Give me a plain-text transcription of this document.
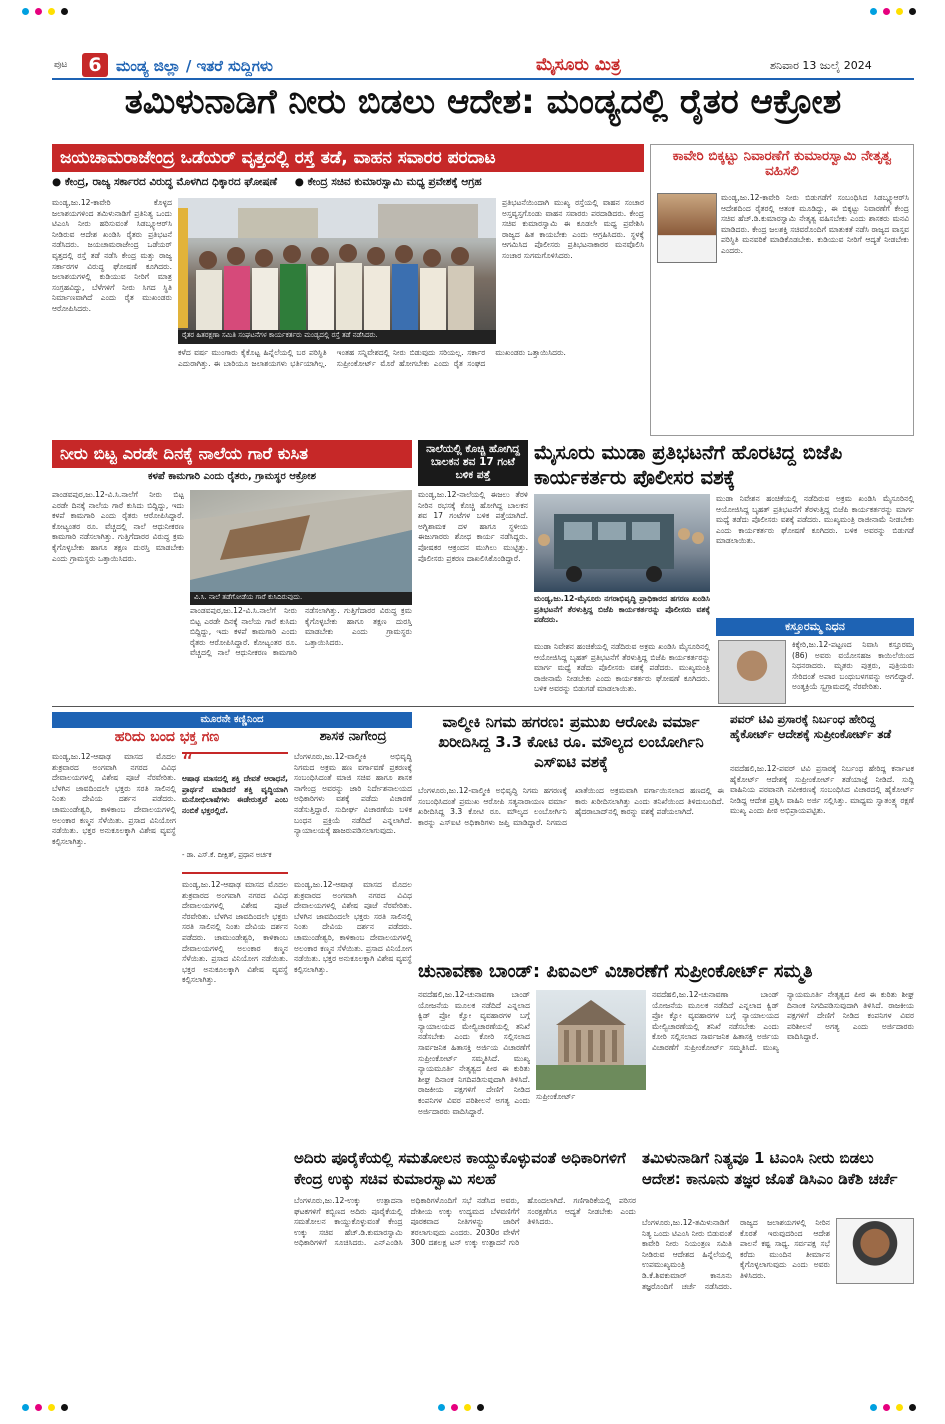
ಪುಟ	6 ಮಂಡ್ಯ ಜಿಲ್ಲಾ / ಇತರೆ ಸುದ್ದಿಗಳು	ಮೈಸೂರು ಮಿತ್ರ	ಶನಿವಾರ 13 ಜುಲೈ 2024
ತಮಿಳುನಾಡಿಗೆ ನೀರು ಬಿಡಲು ಆದೇಶ: ಮಂಡ್ಯದಲ್ಲಿ ರೈತರ ಆಕ್ರೋಶ
ಜಯಚಾಮರಾಜೇಂದ್ರ ಒಡೆಯರ್ ವೃತ್ತದಲ್ಲಿ ರಸ್ತೆ ತಡೆ, ವಾಹನ ಸವಾರರ ಪರದಾಟ
● ಕೇಂದ್ರ, ರಾಜ್ಯ ಸರ್ಕಾರದ ವಿರುದ್ಧ ಮೊಳಗಿದ ಧಿಕ್ಕಾರದ ಘೋಷಣೆ ● ಕೇಂದ್ರ ಸಚಿವ ಕುಮಾರಸ್ವಾಮಿ ಮಧ್ಯ ಪ್ರವೇಶಕ್ಕೆ ಆಗ್ರಹ
ಮಂಡ್ಯ,ಜು.12-ಕಾವೇರಿ ಕೊಳ್ಳದ ಜಲಾಶಯಗಳಿಂದ ತಮಿಳುನಾಡಿಗೆ ಪ್ರತಿನಿತ್ಯ ಒಂದು ಟಿಎಂಸಿ ನೀರು ಹರಿಸುವಂತೆ ಸಿಡಬ್ಲ್ಯೂಆರ್‌ಸಿ ನೀಡಿರುವ ಆದೇಶ ಖಂಡಿಸಿ ರೈತರು ಪ್ರತಿಭಟನೆ ನಡೆಸಿದರು. ಜಯಚಾಮರಾಜೇಂದ್ರ ಒಡೆಯರ್ ವೃತ್ತದಲ್ಲಿ ರಸ್ತೆ ತಡೆ ನಡೆಸಿ ಕೇಂದ್ರ ಮತ್ತು ರಾಜ್ಯ ಸರ್ಕಾರಗಳ ವಿರುದ್ಧ ಘೋಷಣೆ ಕೂಗಿದರು. ಜಲಾಶಯಗಳಲ್ಲಿ ಕುಡಿಯುವ ನೀರಿಗೆ ಮಾತ್ರ ಸಂಗ್ರಹವಿದ್ದು, ಬೆಳೆಗಳಿಗೆ ನೀರು ಸಿಗದ ಸ್ಥಿತಿ ನಿರ್ಮಾಣವಾಗಿದೆ ಎಂದು ರೈತ ಮುಖಂಡರು ಆರೋಪಿಸಿದರು.
ರೈತರ ಹಿತರಕ್ಷಣಾ ಸಮಿತಿ ಸಂಘಟನೆಗಳ ಕಾರ್ಯಕರ್ತರು ಮಂಡ್ಯದಲ್ಲಿ ರಸ್ತೆ ತಡೆ ನಡೆಸಿದರು.
ಪ್ರತಿಭಟನೆಯಿಂದಾಗಿ ಮುಖ್ಯ ರಸ್ತೆಯಲ್ಲಿ ವಾಹನ ಸಂಚಾರ ಅಸ್ತವ್ಯಸ್ತಗೊಂಡು ವಾಹನ ಸವಾರರು ಪರದಾಡಿದರು. ಕೇಂದ್ರ ಸಚಿವ ಕುಮಾರಸ್ವಾಮಿ ಈ ಕೂಡಲೇ ಮಧ್ಯ ಪ್ರವೇಶಿಸಿ ರಾಜ್ಯದ ಹಿತ ಕಾಯಬೇಕು ಎಂದು ಆಗ್ರಹಿಸಿದರು. ಸ್ಥಳಕ್ಕೆ ಆಗಮಿಸಿದ ಪೊಲೀಸರು ಪ್ರತಿಭಟನಾಕಾರರ ಮನವೊಲಿಸಿ ಸಂಚಾರ ಸುಗಮಗೊಳಿಸಿದರು.
ಕಳೆದ ವರ್ಷ ಮುಂಗಾರು ಕೈಕೊಟ್ಟ ಹಿನ್ನೆಲೆಯಲ್ಲಿ ಬರ ಪರಿಸ್ಥಿತಿ ಎದುರಾಗಿತ್ತು. ಈ ಬಾರಿಯೂ ಜಲಾಶಯಗಳು ಭರ್ತಿಯಾಗಿಲ್ಲ. ಇಂತಹ ಸನ್ನಿವೇಶದಲ್ಲಿ ನೀರು ಬಿಡುವುದು ಸರಿಯಲ್ಲ. ಸರ್ಕಾರ ಸುಪ್ರೀಂಕೋರ್ಟ್ ಮೊರೆ ಹೋಗಬೇಕು ಎಂದು ರೈತ ಸಂಘದ ಮುಖಂಡರು ಒತ್ತಾಯಿಸಿದರು.
ಕಾವೇರಿ ಬಿಕ್ಕಟ್ಟು ನಿವಾರಣೆಗೆ ಕುಮಾರಸ್ವಾಮಿ ನೇತೃತ್ವ ವಹಿಸಲಿ
ಮಂಡ್ಯ,ಜು.12-ಕಾವೇರಿ ನೀರು ಬಿಡುಗಡೆಗೆ ಸಂಬಂಧಿಸಿದ ಸಿಡಬ್ಲ್ಯೂಆರ್‌ಸಿ ಆದೇಶದಿಂದ ರೈತರಲ್ಲಿ ಆತಂಕ ಮೂಡಿದ್ದು, ಈ ಬಿಕ್ಕಟ್ಟು ನಿವಾರಣೆಗೆ ಕೇಂದ್ರ ಸಚಿವ ಹೆಚ್.ಡಿ.ಕುಮಾರಸ್ವಾಮಿ ನೇತೃತ್ವ ವಹಿಸಬೇಕು ಎಂದು ಶಾಸಕರು ಮನವಿ ಮಾಡಿದರು. ಕೇಂದ್ರ ಜಲಶಕ್ತಿ ಸಚಿವರೊಂದಿಗೆ ಮಾತುಕತೆ ನಡೆಸಿ ರಾಜ್ಯದ ವಾಸ್ತವ ಪರಿಸ್ಥಿತಿ ಮನವರಿಕೆ ಮಾಡಿಕೊಡಬೇಕು. ಕುಡಿಯುವ ನೀರಿಗೆ ಆದ್ಯತೆ ನೀಡಬೇಕು ಎಂದರು.
ನೀರು ಬಿಟ್ಟ ಎರಡೇ ದಿನಕ್ಕೆ ನಾಲೆಯ ಗಾರೆ ಕುಸಿತ
ಕಳಪೆ ಕಾಮಗಾರಿ ಎಂದು ರೈತರು, ಗ್ರಾಮಸ್ಥರ ಆಕ್ರೋಶ
ಪಾಂಡವಪುರ,ಜು.12-ವಿ.ಸಿ.ನಾಲೆಗೆ ನೀರು ಬಿಟ್ಟ ಎರಡೇ ದಿನಕ್ಕೆ ನಾಲೆಯ ಗಾರೆ ಕುಸಿದು ಬಿದ್ದಿದ್ದು, ಇದು ಕಳಪೆ ಕಾಮಗಾರಿ ಎಂದು ರೈತರು ಆರೋಪಿಸಿದ್ದಾರೆ. ಕೋಟ್ಯಂತರ ರೂ. ವೆಚ್ಚದಲ್ಲಿ ನಾಲೆ ಆಧುನೀಕರಣ ಕಾಮಗಾರಿ ನಡೆಸಲಾಗಿತ್ತು. ಗುತ್ತಿಗೆದಾರರ ವಿರುದ್ಧ ಕ್ರಮ ಕೈಗೊಳ್ಳಬೇಕು ಹಾಗೂ ತಕ್ಷಣ ದುರಸ್ತಿ ಮಾಡಬೇಕು ಎಂದು ಗ್ರಾಮಸ್ಥರು ಒತ್ತಾಯಿಸಿದರು.
ವಿ.ಸಿ. ನಾಲೆ ತಡೆಗೋಡೆಯ ಗಾರೆ ಕುಸಿದಿರುವುದು.
ಪಾಂಡವಪುರ,ಜು.12-ವಿ.ಸಿ.ನಾಲೆಗೆ ನೀರು ಬಿಟ್ಟ ಎರಡೇ ದಿನಕ್ಕೆ ನಾಲೆಯ ಗಾರೆ ಕುಸಿದು ಬಿದ್ದಿದ್ದು, ಇದು ಕಳಪೆ ಕಾಮಗಾರಿ ಎಂದು ರೈತರು ಆರೋಪಿಸಿದ್ದಾರೆ. ಕೋಟ್ಯಂತರ ರೂ. ವೆಚ್ಚದಲ್ಲಿ ನಾಲೆ ಆಧುನೀಕರಣ ಕಾಮಗಾರಿ ನಡೆಸಲಾಗಿತ್ತು. ಗುತ್ತಿಗೆದಾರರ ವಿರುದ್ಧ ಕ್ರಮ ಕೈಗೊಳ್ಳಬೇಕು ಹಾಗೂ ತಕ್ಷಣ ದುರಸ್ತಿ ಮಾಡಬೇಕು ಎಂದು ಗ್ರಾಮಸ್ಥರು ಒತ್ತಾಯಿಸಿದರು.
ನಾಲೆಯಲ್ಲಿ ಕೊಚ್ಚಿ ಹೋಗಿದ್ದ ಬಾಲಕನ ಶವ 17 ಗಂಟೆ ಬಳಿಕ ಪತ್ತೆ
ಮಂಡ್ಯ,ಜು.12-ನಾಲೆಯಲ್ಲಿ ಈಜಲು ತೆರಳಿ ನೀರಿನ ರಭಸಕ್ಕೆ ಕೊಚ್ಚಿ ಹೋಗಿದ್ದ ಬಾಲಕನ ಶವ 17 ಗಂಟೆಗಳ ಬಳಿಕ ಪತ್ತೆಯಾಗಿದೆ. ಅಗ್ನಿಶಾಮಕ ದಳ ಹಾಗೂ ಸ್ಥಳೀಯ ಈಜುಗಾರರು ಶೋಧ ಕಾರ್ಯ ನಡೆಸಿದ್ದರು. ಪೋಷಕರ ಆಕ್ರಂದನ ಮುಗಿಲು ಮುಟ್ಟಿತ್ತು. ಪೊಲೀಸರು ಪ್ರಕರಣ ದಾಖಲಿಸಿಕೊಂಡಿದ್ದಾರೆ.
ಮೈಸೂರು ಮುಡಾ ಪ್ರತಿಭಟನೆಗೆ ಹೊರಟಿದ್ದ ಬಿಜೆಪಿ ಕಾರ್ಯಕರ್ತರು ಪೊಲೀಸರ ವಶಕ್ಕೆ
ಮಂಡ್ಯ,ಜು.12-ಮೈಸೂರು ನಗರಾಭಿವೃದ್ಧಿ ಪ್ರಾಧಿಕಾರದ ಹಗರಣ ಖಂಡಿಸಿ ಪ್ರತಿಭಟನೆಗೆ ತೆರಳುತ್ತಿದ್ದ ಬಿಜೆಪಿ ಕಾರ್ಯಕರ್ತರನ್ನು ಪೊಲೀಸರು ವಶಕ್ಕೆ ಪಡೆದರು.
ಮುಡಾ ನಿವೇಶನ ಹಂಚಿಕೆಯಲ್ಲಿ ನಡೆದಿರುವ ಅಕ್ರಮ ಖಂಡಿಸಿ ಮೈಸೂರಿನಲ್ಲಿ ಆಯೋಜಿಸಿದ್ದ ಬೃಹತ್ ಪ್ರತಿಭಟನೆಗೆ ತೆರಳುತ್ತಿದ್ದ ಬಿಜೆಪಿ ಕಾರ್ಯಕರ್ತರನ್ನು ಮಾರ್ಗ ಮಧ್ಯೆ ತಡೆದು ಪೊಲೀಸರು ವಶಕ್ಕೆ ಪಡೆದರು. ಮುಖ್ಯಮಂತ್ರಿ ರಾಜೀನಾಮೆ ನೀಡಬೇಕು ಎಂದು ಕಾರ್ಯಕರ್ತರು ಘೋಷಣೆ ಕೂಗಿದರು. ಬಳಿಕ ಅವರನ್ನು ಬಿಡುಗಡೆ ಮಾಡಲಾಯಿತು.
ಮುಡಾ ನಿವೇಶನ ಹಂಚಿಕೆಯಲ್ಲಿ ನಡೆದಿರುವ ಅಕ್ರಮ ಖಂಡಿಸಿ ಮೈಸೂರಿನಲ್ಲಿ ಆಯೋಜಿಸಿದ್ದ ಬೃಹತ್ ಪ್ರತಿಭಟನೆಗೆ ತೆರಳುತ್ತಿದ್ದ ಬಿಜೆಪಿ ಕಾರ್ಯಕರ್ತರನ್ನು ಮಾರ್ಗ ಮಧ್ಯೆ ತಡೆದು ಪೊಲೀಸರು ವಶಕ್ಕೆ ಪಡೆದರು. ಮುಖ್ಯಮಂತ್ರಿ ರಾಜೀನಾಮೆ ನೀಡಬೇಕು ಎಂದು ಕಾರ್ಯಕರ್ತರು ಘೋಷಣೆ ಕೂಗಿದರು. ಬಳಿಕ ಅವರನ್ನು ಬಿಡುಗಡೆ ಮಾಡಲಾಯಿತು.
ಕಸ್ತೂರಮ್ಮ ನಿಧನ
ಕಿಕ್ಕೇರಿ,ಜು.12-ಪಟ್ಟಣದ ನಿವಾಸಿ ಕಸ್ತೂರಮ್ಮ (86) ಅವರು ವಯೋಸಹಜ ಕಾಯಿಲೆಯಿಂದ ನಿಧನರಾದರು. ಮೃತರು ಪುತ್ರರು, ಪುತ್ರಿಯರು ಸೇರಿದಂತೆ ಅಪಾರ ಬಂಧುಬಳಗವನ್ನು ಅಗಲಿದ್ದಾರೆ. ಅಂತ್ಯಕ್ರಿಯೆ ಸ್ವಗ್ರಾಮದಲ್ಲಿ ನೆರವೇರಿತು.
ಮೂರನೇ ಕಣ್ಣಿನಿಂದ
ಹರಿದು ಬಂದ ಭಕ್ತ ಗಣ
ಮಂಡ್ಯ,ಜು.12-ಆಷಾಢ ಮಾಸದ ಮೊದಲ ಶುಕ್ರವಾರದ ಅಂಗವಾಗಿ ನಗರದ ವಿವಿಧ ದೇವಾಲಯಗಳಲ್ಲಿ ವಿಶೇಷ ಪೂಜೆ ನೆರವೇರಿತು. ಬೆಳಗಿನ ಜಾವದಿಂದಲೇ ಭಕ್ತರು ಸರತಿ ಸಾಲಿನಲ್ಲಿ ನಿಂತು ದೇವಿಯ ದರ್ಶನ ಪಡೆದರು. ಚಾಮುಂಡೇಶ್ವರಿ, ಕಾಳಿಕಾಂಬ ದೇವಾಲಯಗಳಲ್ಲಿ ಅಲಂಕಾರ ಕಣ್ಮನ ಸೆಳೆಯಿತು. ಪ್ರಸಾದ ವಿನಿಯೋಗ ನಡೆಯಿತು. ಭಕ್ತರ ಅನುಕೂಲಕ್ಕಾಗಿ ವಿಶೇಷ ವ್ಯವಸ್ಥೆ ಕಲ್ಪಿಸಲಾಗಿತ್ತು.
“
ಆಷಾಢ ಮಾಸದಲ್ಲಿ ಶಕ್ತಿ ದೇವತೆ ಆರಾಧನೆ, ಪ್ರಾರ್ಥನೆ ಮಾಡಿದರೆ ಶಕ್ತಿ ವೃದ್ಧಿಯಾಗಿ ಮನೋಭಿಲಾಷೆಗಳು ಈಡೇರುತ್ತವೆ ಎಂಬ ನಂಬಿಕೆ ಭಕ್ತರಲ್ಲಿದೆ.
- ಡಾ. ಎಸ್.ಕೆ. ದೀಕ್ಷಿತ್, ಪ್ರಧಾನ ಅರ್ಚಕ
ಮಂಡ್ಯ,ಜು.12-ಆಷಾಢ ಮಾಸದ ಮೊದಲ ಶುಕ್ರವಾರದ ಅಂಗವಾಗಿ ನಗರದ ವಿವಿಧ ದೇವಾಲಯಗಳಲ್ಲಿ ವಿಶೇಷ ಪೂಜೆ ನೆರವೇರಿತು. ಬೆಳಗಿನ ಜಾವದಿಂದಲೇ ಭಕ್ತರು ಸರತಿ ಸಾಲಿನಲ್ಲಿ ನಿಂತು ದೇವಿಯ ದರ್ಶನ ಪಡೆದರು. ಚಾಮುಂಡೇಶ್ವರಿ, ಕಾಳಿಕಾಂಬ ದೇವಾಲಯಗಳಲ್ಲಿ ಅಲಂಕಾರ ಕಣ್ಮನ ಸೆಳೆಯಿತು. ಪ್ರಸಾದ ವಿನಿಯೋಗ ನಡೆಯಿತು. ಭಕ್ತರ ಅನುಕೂಲಕ್ಕಾಗಿ ವಿಶೇಷ ವ್ಯವಸ್ಥೆ ಕಲ್ಪಿಸಲಾಗಿತ್ತು.
ಮಂಡ್ಯ,ಜು.12-ಆಷಾಢ ಮಾಸದ ಮೊದಲ ಶುಕ್ರವಾರದ ಅಂಗವಾಗಿ ನಗರದ ವಿವಿಧ ದೇವಾಲಯಗಳಲ್ಲಿ ವಿಶೇಷ ಪೂಜೆ ನೆರವೇರಿತು. ಬೆಳಗಿನ ಜಾವದಿಂದಲೇ ಭಕ್ತರು ಸರತಿ ಸಾಲಿನಲ್ಲಿ ನಿಂತು ದೇವಿಯ ದರ್ಶನ ಪಡೆದರು. ಚಾಮುಂಡೇಶ್ವರಿ, ಕಾಳಿಕಾಂಬ ದೇವಾಲಯಗಳಲ್ಲಿ ಅಲಂಕಾರ ಕಣ್ಮನ ಸೆಳೆಯಿತು. ಪ್ರಸಾದ ವಿನಿಯೋಗ ನಡೆಯಿತು. ಭಕ್ತರ ಅನುಕೂಲಕ್ಕಾಗಿ ವಿಶೇಷ ವ್ಯವಸ್ಥೆ ಕಲ್ಪಿಸಲಾಗಿತ್ತು.
ಶಾಸಕ ನಾಗೇಂದ್ರ
ಬೆಂಗಳೂರು,ಜು.12-ವಾಲ್ಮೀಕಿ ಅಭಿವೃದ್ಧಿ ನಿಗಮದ ಅಕ್ರಮ ಹಣ ವರ್ಗಾವಣೆ ಪ್ರಕರಣಕ್ಕೆ ಸಂಬಂಧಿಸಿದಂತೆ ಮಾಜಿ ಸಚಿವ ಹಾಗೂ ಶಾಸಕ ನಾಗೇಂದ್ರ ಅವರನ್ನು ಜಾರಿ ನಿರ್ದೇಶನಾಲಯದ ಅಧಿಕಾರಿಗಳು ವಶಕ್ಕೆ ಪಡೆದು ವಿಚಾರಣೆ ನಡೆಸುತ್ತಿದ್ದಾರೆ. ಸುದೀರ್ಘ ವಿಚಾರಣೆಯ ಬಳಿಕ ಬಂಧನ ಪ್ರಕ್ರಿಯೆ ನಡೆದಿದೆ ಎನ್ನಲಾಗಿದೆ. ನ್ಯಾಯಾಲಯಕ್ಕೆ ಹಾಜರುಪಡಿಸಲಾಗುವುದು.
ವಾಲ್ಮೀಕಿ ನಿಗಮ ಹಗರಣ: ಪ್ರಮುಖ ಆರೋಪಿ ವರ್ಮಾ ಖರೀದಿಸಿದ್ದ 3.3 ಕೋಟಿ ರೂ. ಮೌಲ್ಯದ ಲಂಬೋರ್ಗಿನಿ ಎಸ್‌ಐಟಿ ವಶಕ್ಕೆ
ಬೆಂಗಳೂರು,ಜು.12-ವಾಲ್ಮೀಕಿ ಅಭಿವೃದ್ಧಿ ನಿಗಮ ಹಗರಣಕ್ಕೆ ಸಂಬಂಧಿಸಿದಂತೆ ಪ್ರಮುಖ ಆರೋಪಿ ಸತ್ಯನಾರಾಯಣ ವರ್ಮಾ ಖರೀದಿಸಿದ್ದ 3.3 ಕೋಟಿ ರೂ. ಮೌಲ್ಯದ ಲಂಬೋರ್ಗಿನಿ ಕಾರನ್ನು ಎಸ್‌ಐಟಿ ಅಧಿಕಾರಿಗಳು ಜಪ್ತಿ ಮಾಡಿದ್ದಾರೆ. ನಿಗಮದ ಖಾತೆಯಿಂದ ಅಕ್ರಮವಾಗಿ ವರ್ಗಾಯಿಸಲಾದ ಹಣದಲ್ಲಿ ಈ ಕಾರು ಖರೀದಿಸಲಾಗಿತ್ತು ಎಂದು ತನಿಖೆಯಿಂದ ತಿಳಿದುಬಂದಿದೆ. ಹೈದರಾಬಾದ್‌ನಲ್ಲಿ ಕಾರನ್ನು ವಶಕ್ಕೆ ಪಡೆಯಲಾಗಿದೆ.
ಪವರ್ ಟಿವಿ ಪ್ರಸಾರಕ್ಕೆ ನಿರ್ಬಂಧ ಹೇರಿದ್ದ ಹೈಕೋರ್ಟ್ ಆದೇಶಕ್ಕೆ ಸುಪ್ರೀಂಕೋರ್ಟ್ ತಡೆ
ನವದೆಹಲಿ,ಜು.12-ಪವರ್ ಟಿವಿ ಪ್ರಸಾರಕ್ಕೆ ನಿರ್ಬಂಧ ಹೇರಿದ್ದ ಕರ್ನಾಟಕ ಹೈಕೋರ್ಟ್ ಆದೇಶಕ್ಕೆ ಸುಪ್ರೀಂಕೋರ್ಟ್ ತಡೆಯಾಜ್ಞೆ ನೀಡಿದೆ. ಸುದ್ದಿ ವಾಹಿನಿಯ ಪರವಾನಗಿ ನವೀಕರಣಕ್ಕೆ ಸಂಬಂಧಿಸಿದ ವಿಚಾರದಲ್ಲಿ ಹೈಕೋರ್ಟ್ ನೀಡಿದ್ದ ಆದೇಶ ಪ್ರಶ್ನಿಸಿ ವಾಹಿನಿ ಅರ್ಜಿ ಸಲ್ಲಿಸಿತ್ತು. ಮಾಧ್ಯಮ ಸ್ವಾತಂತ್ರ್ಯ ರಕ್ಷಣೆ ಮುಖ್ಯ ಎಂದು ಪೀಠ ಅಭಿಪ್ರಾಯಪಟ್ಟಿತು.
ಚುನಾವಣಾ ಬಾಂಡ್: ಪಿಐಎಲ್ ವಿಚಾರಣೆಗೆ ಸುಪ್ರೀಂಕೋರ್ಟ್ ಸಮ್ಮತಿ
ನವದೆಹಲಿ,ಜು.12-ಚುನಾವಣಾ ಬಾಂಡ್ ಯೋಜನೆಯ ಮೂಲಕ ನಡೆದಿದೆ ಎನ್ನಲಾದ ಕ್ವಿಡ್ ಪ್ರೋ ಕ್ವೋ ವ್ಯವಹಾರಗಳ ಬಗ್ಗೆ ನ್ಯಾಯಾಲಯದ ಮೇಲ್ವಿಚಾರಣೆಯಲ್ಲಿ ತನಿಖೆ ನಡೆಸಬೇಕು ಎಂದು ಕೋರಿ ಸಲ್ಲಿಸಲಾದ ಸಾರ್ವಜನಿಕ ಹಿತಾಸಕ್ತಿ ಅರ್ಜಿಯ ವಿಚಾರಣೆಗೆ ಸುಪ್ರೀಂಕೋರ್ಟ್ ಸಮ್ಮತಿಸಿದೆ. ಮುಖ್ಯ ನ್ಯಾಯಮೂರ್ತಿ ನೇತೃತ್ವದ ಪೀಠ ಈ ಕುರಿತು ಶೀಘ್ರ ದಿನಾಂಕ ನಿಗದಿಪಡಿಸುವುದಾಗಿ ತಿಳಿಸಿದೆ. ರಾಜಕೀಯ ಪಕ್ಷಗಳಿಗೆ ದೇಣಿಗೆ ನೀಡಿದ ಕಂಪನಿಗಳ ವಿವರ ಪರಿಶೀಲನೆ ಅಗತ್ಯ ಎಂದು ಅರ್ಜಿದಾರರು ವಾದಿಸಿದ್ದಾರೆ.
ಸುಪ್ರೀಂಕೋರ್ಟ್
ನವದೆಹಲಿ,ಜು.12-ಚುನಾವಣಾ ಬಾಂಡ್ ಯೋಜನೆಯ ಮೂಲಕ ನಡೆದಿದೆ ಎನ್ನಲಾದ ಕ್ವಿಡ್ ಪ್ರೋ ಕ್ವೋ ವ್ಯವಹಾರಗಳ ಬಗ್ಗೆ ನ್ಯಾಯಾಲಯದ ಮೇಲ್ವಿಚಾರಣೆಯಲ್ಲಿ ತನಿಖೆ ನಡೆಸಬೇಕು ಎಂದು ಕೋರಿ ಸಲ್ಲಿಸಲಾದ ಸಾರ್ವಜನಿಕ ಹಿತಾಸಕ್ತಿ ಅರ್ಜಿಯ ವಿಚಾರಣೆಗೆ ಸುಪ್ರೀಂಕೋರ್ಟ್ ಸಮ್ಮತಿಸಿದೆ. ಮುಖ್ಯ ನ್ಯಾಯಮೂರ್ತಿ ನೇತೃತ್ವದ ಪೀಠ ಈ ಕುರಿತು ಶೀಘ್ರ ದಿನಾಂಕ ನಿಗದಿಪಡಿಸುವುದಾಗಿ ತಿಳಿಸಿದೆ. ರಾಜಕೀಯ ಪಕ್ಷಗಳಿಗೆ ದೇಣಿಗೆ ನೀಡಿದ ಕಂಪನಿಗಳ ವಿವರ ಪರಿಶೀಲನೆ ಅಗತ್ಯ ಎಂದು ಅರ್ಜಿದಾರರು ವಾದಿಸಿದ್ದಾರೆ.
ಅದಿರು ಪೂರೈಕೆಯಲ್ಲಿ ಸಮತೋಲನ ಕಾಯ್ದುಕೊಳ್ಳುವಂತೆ ಅಧಿಕಾರಿಗಳಿಗೆ ಕೇಂದ್ರ ಉಕ್ಕು ಸಚಿವ ಕುಮಾರಸ್ವಾಮಿ ಸಲಹೆ
ಬೆಂಗಳೂರು,ಜು.12-ಉಕ್ಕು ಉತ್ಪಾದನಾ ಘಟಕಗಳಿಗೆ ಕಬ್ಬಿಣದ ಅದಿರು ಪೂರೈಕೆಯಲ್ಲಿ ಸಮತೋಲನ ಕಾಯ್ದುಕೊಳ್ಳುವಂತೆ ಕೇಂದ್ರ ಉಕ್ಕು ಸಚಿವ ಹೆಚ್.ಡಿ.ಕುಮಾರಸ್ವಾಮಿ ಅಧಿಕಾರಿಗಳಿಗೆ ಸೂಚಿಸಿದರು. ಎನ್‌ಎಂಡಿಸಿ ಅಧಿಕಾರಿಗಳೊಂದಿಗೆ ಸಭೆ ನಡೆಸಿದ ಅವರು, ದೇಶೀಯ ಉಕ್ಕು ಉದ್ಯಮದ ಬೆಳವಣಿಗೆಗೆ ಪೂರಕವಾದ ನೀತಿಗಳನ್ನು ಜಾರಿಗೆ ತರಲಾಗುವುದು ಎಂದರು. 2030ರ ವೇಳೆಗೆ 300 ದಶಲಕ್ಷ ಟನ್ ಉಕ್ಕು ಉತ್ಪಾದನೆ ಗುರಿ ಹೊಂದಲಾಗಿದೆ. ಗಣಿಗಾರಿಕೆಯಲ್ಲಿ ಪರಿಸರ ಸಂರಕ್ಷಣೆಗೂ ಆದ್ಯತೆ ನೀಡಬೇಕು ಎಂದು ತಿಳಿಸಿದರು.
ತಮಿಳುನಾಡಿಗೆ ನಿತ್ಯವೂ 1 ಟಿಎಂಸಿ ನೀರು ಬಿಡಲು ಆದೇಶ: ಕಾನೂನು ತಜ್ಞರ ಜೊತೆ ಡಿಸಿಎಂ ಡಿಕೆಶಿ ಚರ್ಚೆ
ಬೆಂಗಳೂರು,ಜು.12-ತಮಿಳುನಾಡಿಗೆ ನಿತ್ಯ ಒಂದು ಟಿಎಂಸಿ ನೀರು ಬಿಡುವಂತೆ ಕಾವೇರಿ ನೀರು ನಿಯಂತ್ರಣ ಸಮಿತಿ ನೀಡಿರುವ ಆದೇಶದ ಹಿನ್ನೆಲೆಯಲ್ಲಿ ಉಪಮುಖ್ಯಮಂತ್ರಿ ಡಿ.ಕೆ.ಶಿವಕುಮಾರ್ ಕಾನೂನು ತಜ್ಞರೊಂದಿಗೆ ಚರ್ಚೆ ನಡೆಸಿದರು. ರಾಜ್ಯದ ಜಲಾಶಯಗಳಲ್ಲಿ ನೀರಿನ ಕೊರತೆ ಇರುವುದರಿಂದ ಆದೇಶ ಪಾಲನೆ ಕಷ್ಟ ಸಾಧ್ಯ. ಸರ್ವಪಕ್ಷ ಸಭೆ ಕರೆದು ಮುಂದಿನ ತೀರ್ಮಾನ ಕೈಗೊಳ್ಳಲಾಗುವುದು ಎಂದು ಅವರು ತಿಳಿಸಿದರು.
